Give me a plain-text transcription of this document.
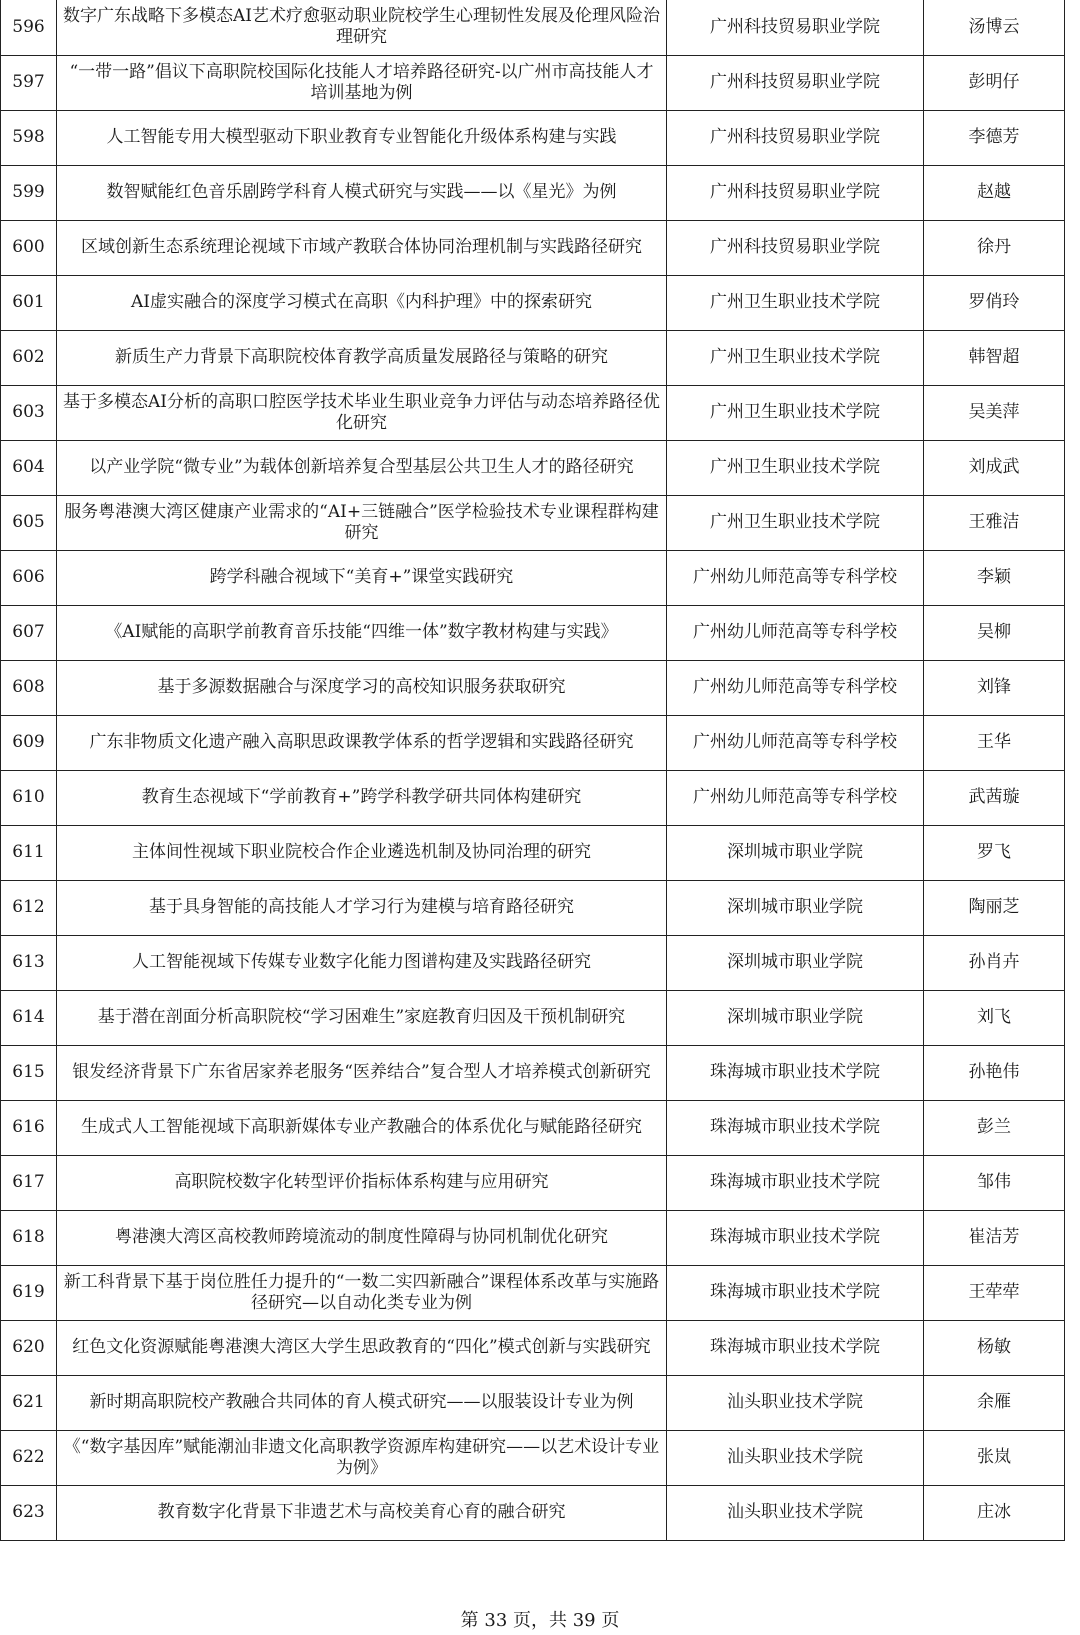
596	数字广东战略下多模态AI艺术疗愈驱动职业院校学生心理韧性发展及伦理风险治理研究	广州科技贸易职业学院	汤博云
597	“一带一路”倡议下高职院校国际化技能人才培养路径研究-以广州市高技能人才培训基地为例	广州科技贸易职业学院	彭明仔
598	人工智能专用大模型驱动下职业教育专业智能化升级体系构建与实践	广州科技贸易职业学院	李德芳
599	数智赋能红色音乐剧跨学科育人模式研究与实践——以《星光》为例	广州科技贸易职业学院	赵越
600	区域创新生态系统理论视域下市域产教联合体协同治理机制与实践路径研究	广州科技贸易职业学院	徐丹
601	AI虚实融合的深度学习模式在高职《内科护理》中的探索研究	广州卫生职业技术学院	罗俏玲
602	新质生产力背景下高职院校体育教学高质量发展路径与策略的研究	广州卫生职业技术学院	韩智超
603	基于多模态AI分析的高职口腔医学技术毕业生职业竞争力评估与动态培养路径优化研究	广州卫生职业技术学院	吴美萍
604	以产业学院“微专业”为载体创新培养复合型基层公共卫生人才的路径研究	广州卫生职业技术学院	刘成武
605	服务粤港澳大湾区健康产业需求的“AI+三链融合”医学检验技术专业课程群构建研究	广州卫生职业技术学院	王雅洁
606	跨学科融合视域下“美育+”课堂实践研究	广州幼儿师范高等专科学校	李颖
607	《AI赋能的高职学前教育音乐技能“四维一体”数字教材构建与实践》	广州幼儿师范高等专科学校	吴柳
608	基于多源数据融合与深度学习的高校知识服务获取研究	广州幼儿师范高等专科学校	刘锋
609	广东非物质文化遗产融入高职思政课教学体系的哲学逻辑和实践路径研究	广州幼儿师范高等专科学校	王华
610	教育生态视域下“学前教育+”跨学科教学研共同体构建研究	广州幼儿师范高等专科学校	武茜璇
611	主体间性视域下职业院校合作企业遴选机制及协同治理的研究	深圳城市职业学院	罗飞
612	基于具身智能的高技能人才学习行为建模与培育路径研究	深圳城市职业学院	陶丽芝
613	人工智能视域下传媒专业数字化能力图谱构建及实践路径研究	深圳城市职业学院	孙肖卉
614	基于潜在剖面分析高职院校“学习困难生”家庭教育归因及干预机制研究	深圳城市职业学院	刘飞
615	银发经济背景下广东省居家养老服务“医养结合”复合型人才培养模式创新研究	珠海城市职业技术学院	孙艳伟
616	生成式人工智能视域下高职新媒体专业产教融合的体系优化与赋能路径研究	珠海城市职业技术学院	彭兰
617	高职院校数字化转型评价指标体系构建与应用研究	珠海城市职业技术学院	邹伟
618	粤港澳大湾区高校教师跨境流动的制度性障碍与协同机制优化研究	珠海城市职业技术学院	崔洁芳
619	新工科背景下基于岗位胜任力提升的“一数二实四新融合”课程体系改革与实施路径研究—以自动化类专业为例	珠海城市职业技术学院	王荦荦
620	红色文化资源赋能粤港澳大湾区大学生思政教育的“四化”模式创新与实践研究	珠海城市职业技术学院	杨敏
621	新时期高职院校产教融合共同体的育人模式研究——以服装设计专业为例	汕头职业技术学院	余雁
622	《“数字基因库”赋能潮汕非遗文化高职教学资源库构建研究——以艺术设计专业为例》	汕头职业技术学院	张岚
623	教育数字化背景下非遗艺术与高校美育心育的融合研究	汕头职业技术学院	庄冰
第 33 页，共 39 页
